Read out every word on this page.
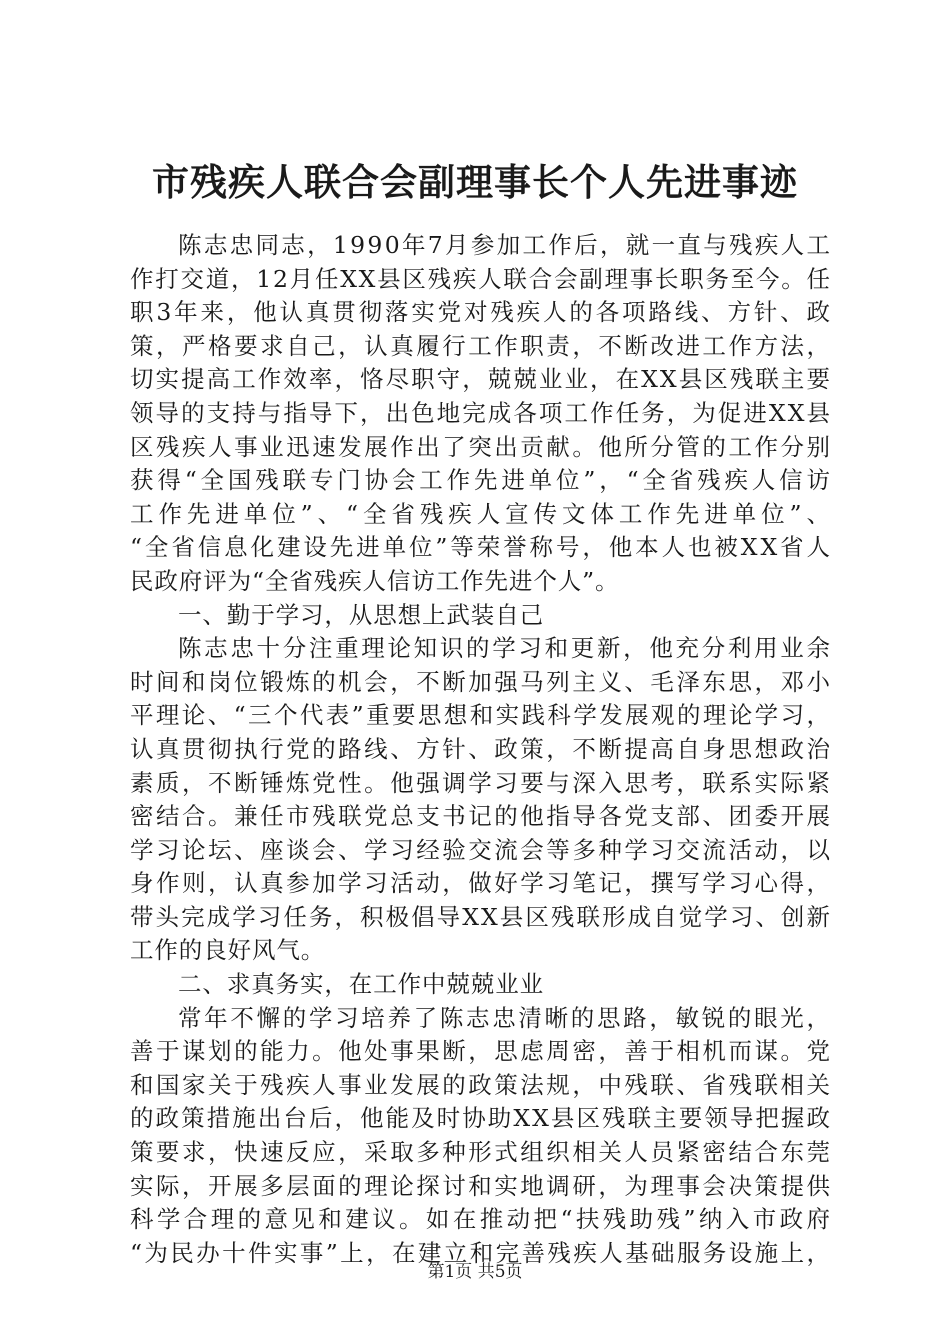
市残疾人联合会副理事长个人先进事迹
陈志忠同志，1990年7月参加工作后，就一直与残疾人工
作打交道，12月任XX县区残疾人联合会副理事长职务至今。任
职3年来，他认真贯彻落实党对残疾人的各项路线、方针、政
策，严格要求自己，认真履行工作职责，不断改进工作方法，
切实提高工作效率，恪尽职守，兢兢业业，在XX县区残联主要
领导的支持与指导下，出色地完成各项工作任务，为促进XX县
区残疾人事业迅速发展作出了突出贡献。他所分管的工作分别
获得“全国残联专门协会工作先进单位”，“全省残疾人信访
工作先进单位”、“全省残疾人宣传文体工作先进单位”、
“全省信息化建设先进单位”等荣誉称号，他本人也被XX省人
民政府评为“全省残疾人信访工作先进个人”。
一、勤于学习，从思想上武装自己
陈志忠十分注重理论知识的学习和更新，他充分利用业余
时间和岗位锻炼的机会，不断加强马列主义、毛泽东思，邓小
平理论、“三个代表”重要思想和实践科学发展观的理论学习，
认真贯彻执行党的路线、方针、政策，不断提高自身思想政治
素质，不断锤炼党性。他强调学习要与深入思考，联系实际紧
密结合。兼任市残联党总支书记的他指导各党支部、团委开展
学习论坛、座谈会、学习经验交流会等多种学习交流活动，以
身作则，认真参加学习活动，做好学习笔记，撰写学习心得，
带头完成学习任务，积极倡导XX县区残联形成自觉学习、创新
工作的良好风气。
二、求真务实，在工作中兢兢业业
常年不懈的学习培养了陈志忠清晰的思路，敏锐的眼光，
善于谋划的能力。他处事果断，思虑周密，善于相机而谋。党
和国家关于残疾人事业发展的政策法规，中残联、省残联相关
的政策措施出台后，他能及时协助XX县区残联主要领导把握政
策要求，快速反应，采取多种形式组织相关人员紧密结合东莞
实际，开展多层面的理论探讨和实地调研，为理事会决策提供
科学合理的意见和建议。如在推动把“扶残助残”纳入市政府
“为民办十件实事”上，在建立和完善残疾人基础服务设施上，
第1页 共5页
